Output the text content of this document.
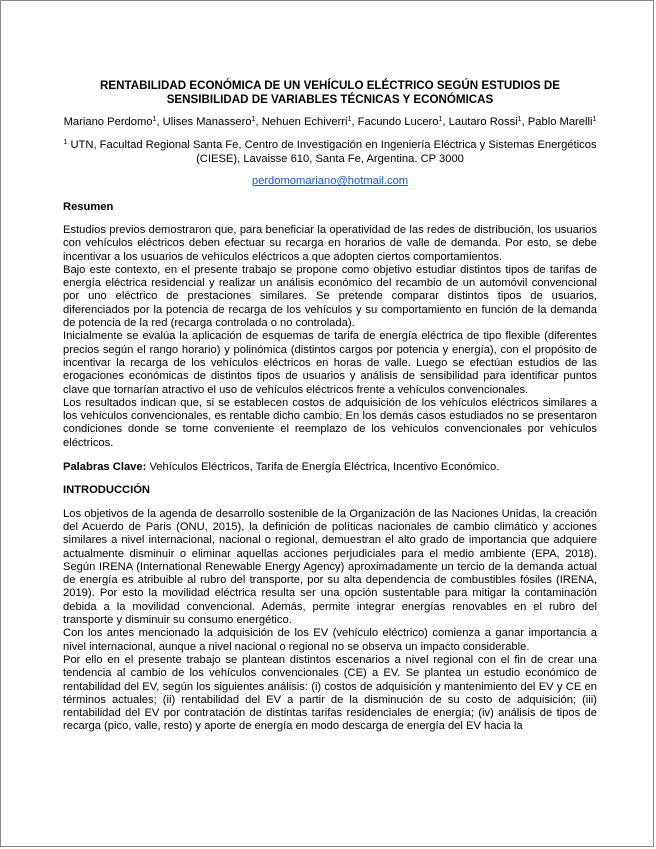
RENTABILIDAD ECONÓMICA DE UN VEHÍCULO ELÉCTRICO SEGÚN ESTUDIOS DE
SENSIBILIDAD DE VARIABLES TÉCNICAS Y ECONÓMICAS

Mariano Perdomo$^1$, Ulises Manassero$^1$, Nehuen Echiverri$^1$, Facundo Lucero$^1$, Lautaro Rossi$^1$, Pablo Marelli$^1$

$^1$ UTN, Facultad Regional Santa Fe, Centro de Investigación en Ingeniería Eléctrica y Sistemas Energéticos (CIESE), Lavaisse 610, Santa Fe, Argentina. CP 3000

perdomomariano@hotmail.com

Resumen

Estudios previos demostraron que, para beneficiar la operatividad de las redes de distribución, los usuarios con vehículos eléctricos deben efectuar su recarga en horarios de valle de demanda. Por esto, se debe incentivar a los usuarios de vehículos eléctricos a que adopten ciertos comportamientos.

Bajo este contexto, en el presente trabajo se propone como objetivo estudiar distintos tipos de tarifas de energía eléctrica residencial y realizar un análisis económico del recambio de un automóvil convencional por uno eléctrico de prestaciones similares. Se pretende comparar distintos tipos de usuarios, diferenciados por la potencia de recarga de los vehículos y su comportamiento en función de la demanda de potencia de la red (recarga controlada o no controlada).

Inicialmente se evalúa la aplicación de esquemas de tarifa de energía eléctrica de tipo flexible (diferentes precios según el rango horario) y polinómica (distintos cargos por potencia y energía), con el propósito de incentivar la recarga de los vehículos eléctricos en horas de valle. Luego se efectúan estudios de las erogaciones económicas de distintos tipos de usuarios y análisis de sensibilidad para identificar puntos clave que tornarían atractivo el uso de vehículos eléctricos frente a vehículos convencionales.

Los resultados indican que, si se establecen costos de adquisición de los vehículos eléctricos similares a los vehículos convencionales, es rentable dicho cambio. En los demás casos estudiados no se presentaron condiciones donde se torne conveniente el reemplazo de los vehículos convencionales por vehículos eléctricos.

Palabras Clave: Vehículos Eléctricos, Tarifa de Energía Eléctrica, Incentivo Económico.

INTRODUCCIÓN

Los objetivos de la agenda de desarrollo sostenible de la Organización de las Naciones Unidas, la creación del Acuerdo de Paris (ONU, 2015), la definición de políticas nacionales de cambio climático y acciones similares a nivel internacional, nacional o regional, demuestran el alto grado de importancia que adquiere actualmente disminuir o eliminar aquellas acciones perjudiciales para el medio ambiente (EPA, 2018). Según IRENA (International Renewable Energy Agency) aproximadamente un tercio de la demanda actual de energía es atribuible al rubro del transporte, por su alta dependencia de combustibles fósiles (IRENA, 2019). Por esto la movilidad eléctrica resulta ser una opción sustentable para mitigar la contaminación debida a la movilidad convencional. Además, permite integrar energías renovables en el rubro del transporte y disminuir su consumo energético.

Con los antes mencionado la adquisición de los EV (vehículo eléctrico) comienza a ganar importancia a nivel internacional, aunque a nivel nacional o regional no se observa un impacto considerable.

Por ello en el presente trabajo se plantean distintos escenarios a nivel regional con el fin de crear una tendencia al cambio de los vehículos convencionales (CE) a EV. Se plantea un estudio económico de rentabilidad del EV, según los siguientes análisis: (i) costos de adquisición y mantenimiento del EV y CE en términos actuales; (ii) rentabilidad del EV a partir de la disminución de su costo de adquisición; (iii) rentabilidad del EV por contratación de distintas tarifas residenciales de energía; (iv) análisis de tipos de recarga (pico, valle, resto) y aporte de energía en modo descarga de energía del EV hacia la
